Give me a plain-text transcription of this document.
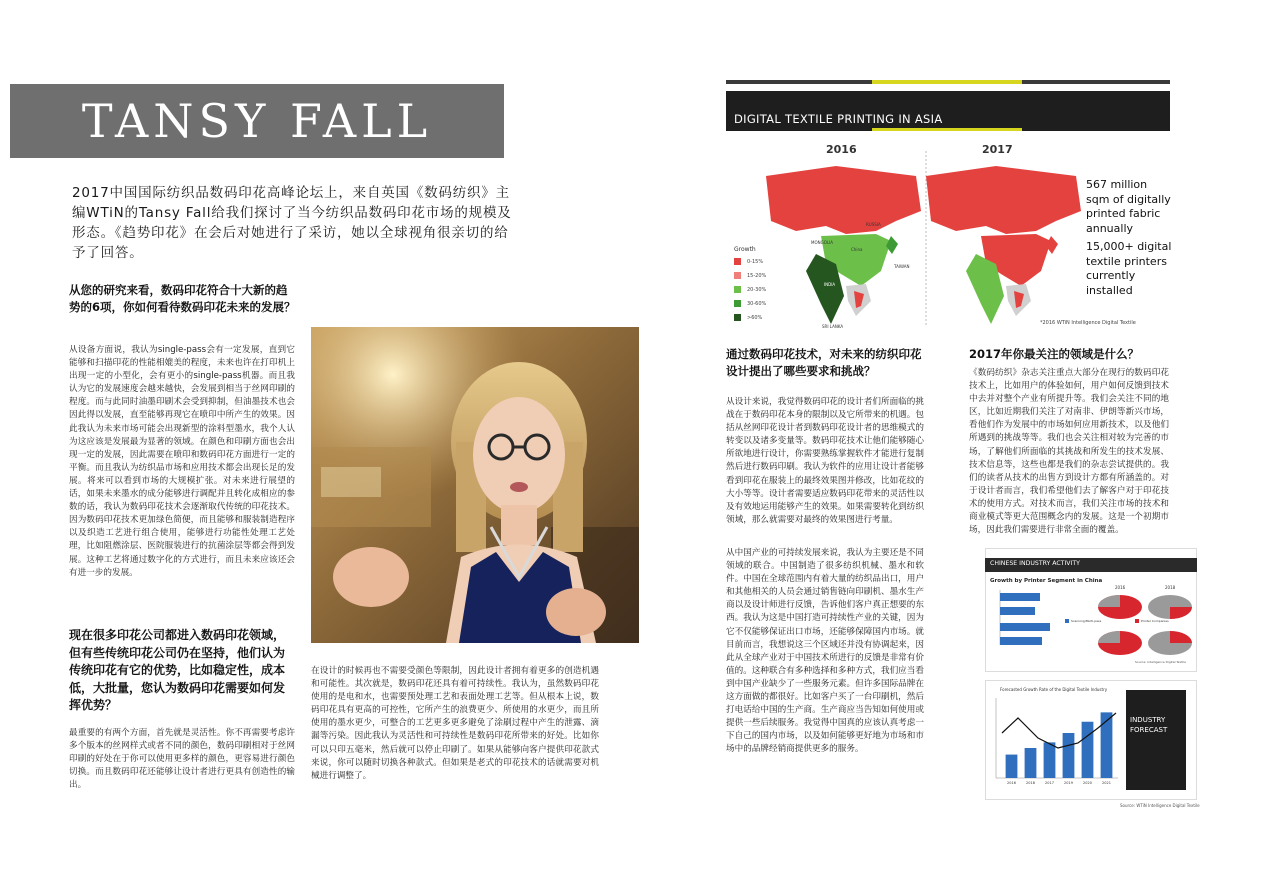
TANSY FALL
2017中国国际纺织品数码印花高峰论坛上，来自英国《数码纺织》主编WTiN的Tansy Fall给我们探讨了当今纺织品数码印花市场的规模及形态。《趋势印花》在会后对她进行了采访，她以全球视角很亲切的给予了回答。
从您的研究来看，数码印花符合十大新的趋势的6项，你如何看待数码印花未来的发展？
从设备方面说，我认为single-pass会有一定发展，直到它能够和扫描印花的性能相媲美的程度，未来也许在打印机上出现一定的小型化，会有更小的single-pass机器。而且我认为它的发展速度会越来越快，会发展到相当于丝网印刷的程度。而与此同时油墨印刷术会受到抑制，但油墨技术也会因此得以发展，直至能够再现它在喷印中所产生的效果。因此我认为未来市场可能会出现新型的涂料型墨水，我个人认为这应该是发展最为显著的领域。在颜色和印刷方面也会出现一定的发展，因此需要在喷印和数码印花方面进行一定的平衡。而且我认为纺织品市场和应用技术都会出现长足的发展。将来可以看到市场的大规模扩张。对未来进行展望的话，如果未来墨水的成分能够进行调配并且转化成相应的参数的话，我认为数码印花技术会逐渐取代传统的印花技术。因为数码印花技术更加绿色简便，而且能够和服装制造程序以及织造工艺进行组合使用，能够进行功能性处理工艺处理，比如阻燃涂层、医院服装进行的抗菌涂层等都会得到发展。这种工艺将通过数字化的方式进行，而且未来应该还会有进一步的发展。
现在很多印花公司都进入数码印花领域，但有些传统印花公司仍在坚持，他们认为传统印花有它的优势，比如稳定性，成本低，大批量，您认为数码印花需要如何发挥优势？
最重要的有两个方面，首先就是灵活性。你不再需要考虑许多个版本的丝网样式或者不同的颜色，数码印刷相对于丝网印刷的好处在于你可以使用更多样的颜色，更容易进行颜色切换。而且数码印花还能够让设计者进行更具有创造性的输出。
在设计的时候再也不需要受颜色等限制，因此设计者拥有着更多的创造机遇和可能性。其次就是，数码印花还具有着可持续性。我认为，虽然数码印花使用的是电和水，也需要预处理工艺和表面处理工艺等。但从根本上说，数码印花具有更高的可控性，它所产生的浪费更少、所使用的水更少，而且所使用的墨水更少，可整合的工艺更多更多避免了涂刷过程中产生的泄露、滴漏等污染。因此我认为灵活性和可持续性是数码印花所带来的好处。比如你可以只印五毫米，然后就可以停止印刷了。如果从能够向客户提供印花款式来说，你可以随时切换各种款式。但如果是老式的印花技术的话就需要对机械进行调整了。
DIGITAL TEXTILE PRINTING IN ASIA
RUSSIA
MONGOLIA
China
INDIA
TAIWAN
SRI LANKA
2016	2017
567 million sqm of digitally printed fabric annually
15,000+ digital textile printers currently installed
Growth
0-15%
15-20%
20-30%
30-60%
>60%
*2016 WTiN Intelligence Digital Textile
通过数码印花技术，对未来的纺织印花设计提出了哪些要求和挑战？
从设计来说，我觉得数码印花的设计者们所面临的挑战在于数码印花本身的限制以及它所带来的机遇。包括从丝网印花设计者到数码印花设计者的思维模式的转变以及诸多变量等。数码印花技术让他们能够随心所欲地进行设计，你需要熟练掌握软件才能进行复制然后进行数码印刷。我认为软件的应用让设计者能够看到印花在服装上的最终效果图并修改，比如花纹的大小等等。设计者需要适应数码印花带来的灵活性以及有效地运用能够产生的效果。如果需要转化到纺织领域，那么就需要对最终的效果图进行考量。
从中国产业的可持续发展来说，我认为主要还是不同领域的联合。中国制造了很多纺织机械、墨水和软件。中国在全球范围内有着大量的纺织品出口，用户和其他相关的人员会通过销售链向印刷机、墨水生产商以及设计师进行反馈，告诉他们客户真正想要的东西。我认为这是中国打造可持续性产业的关键，因为它不仅能够保证出口市场，还能够保障国内市场。就目前而言，我想说这三个区域还并没有协调起来，因此从全球产业对于中国技术所进行的反馈是非常有价值的。这种联合有多种选择和多种方式，我们应当看到中国产业缺少了一些服务元素。但许多国际品牌在这方面做的都很好。比如客户买了一台印刷机，然后打电话给中国的生产商。生产商应当告知如何使用或提供一些后续服务。我觉得中国真的应该认真考虑一下自己的国内市场，以及如何能够更好地为市场和市场中的品牌经销商提供更多的服务。
2017年你最关注的领域是什么？
《数码纺织》杂志关注重点大部分在现行的数码印花技术上，比如用户的体验如何，用户如何反馈到技术中去并对整个产业有所提升等。我们会关注不同的地区，比如近期我们关注了对南非、伊朗等新兴市场，看他们作为发展中的市场如何应用新技术，以及他们所遇到的挑战等等。我们也会关注相对较为完善的市场，了解他们所面临的其挑战和所发生的技术发展、技术信息等，这些也都是我们的杂志尝试提供的。我们的读者从技术的出售方到设计方都有所涵盖的。对于设计者而言，我们希望他们去了解客户对于印花技术的使用方式。对技术而言，我们关注市场的技术和商业模式等更大范围概念内的发展。这是一个初期市场，因此我们需要进行非常全面的覆盖。
CHINESE INDUSTRY ACTIVITY
Growth by Printer Segment in China
2016	2018
Scanning/Multi-pass	Printer Companies
Source: Intelligence Digital Textile
Forecasted Growth Rate of the Digital Textile Industry
2016	2018	2017	2019	2020	2021
INDUSTRY FORECAST
Source: WTiN Intelligence Digital Textile
